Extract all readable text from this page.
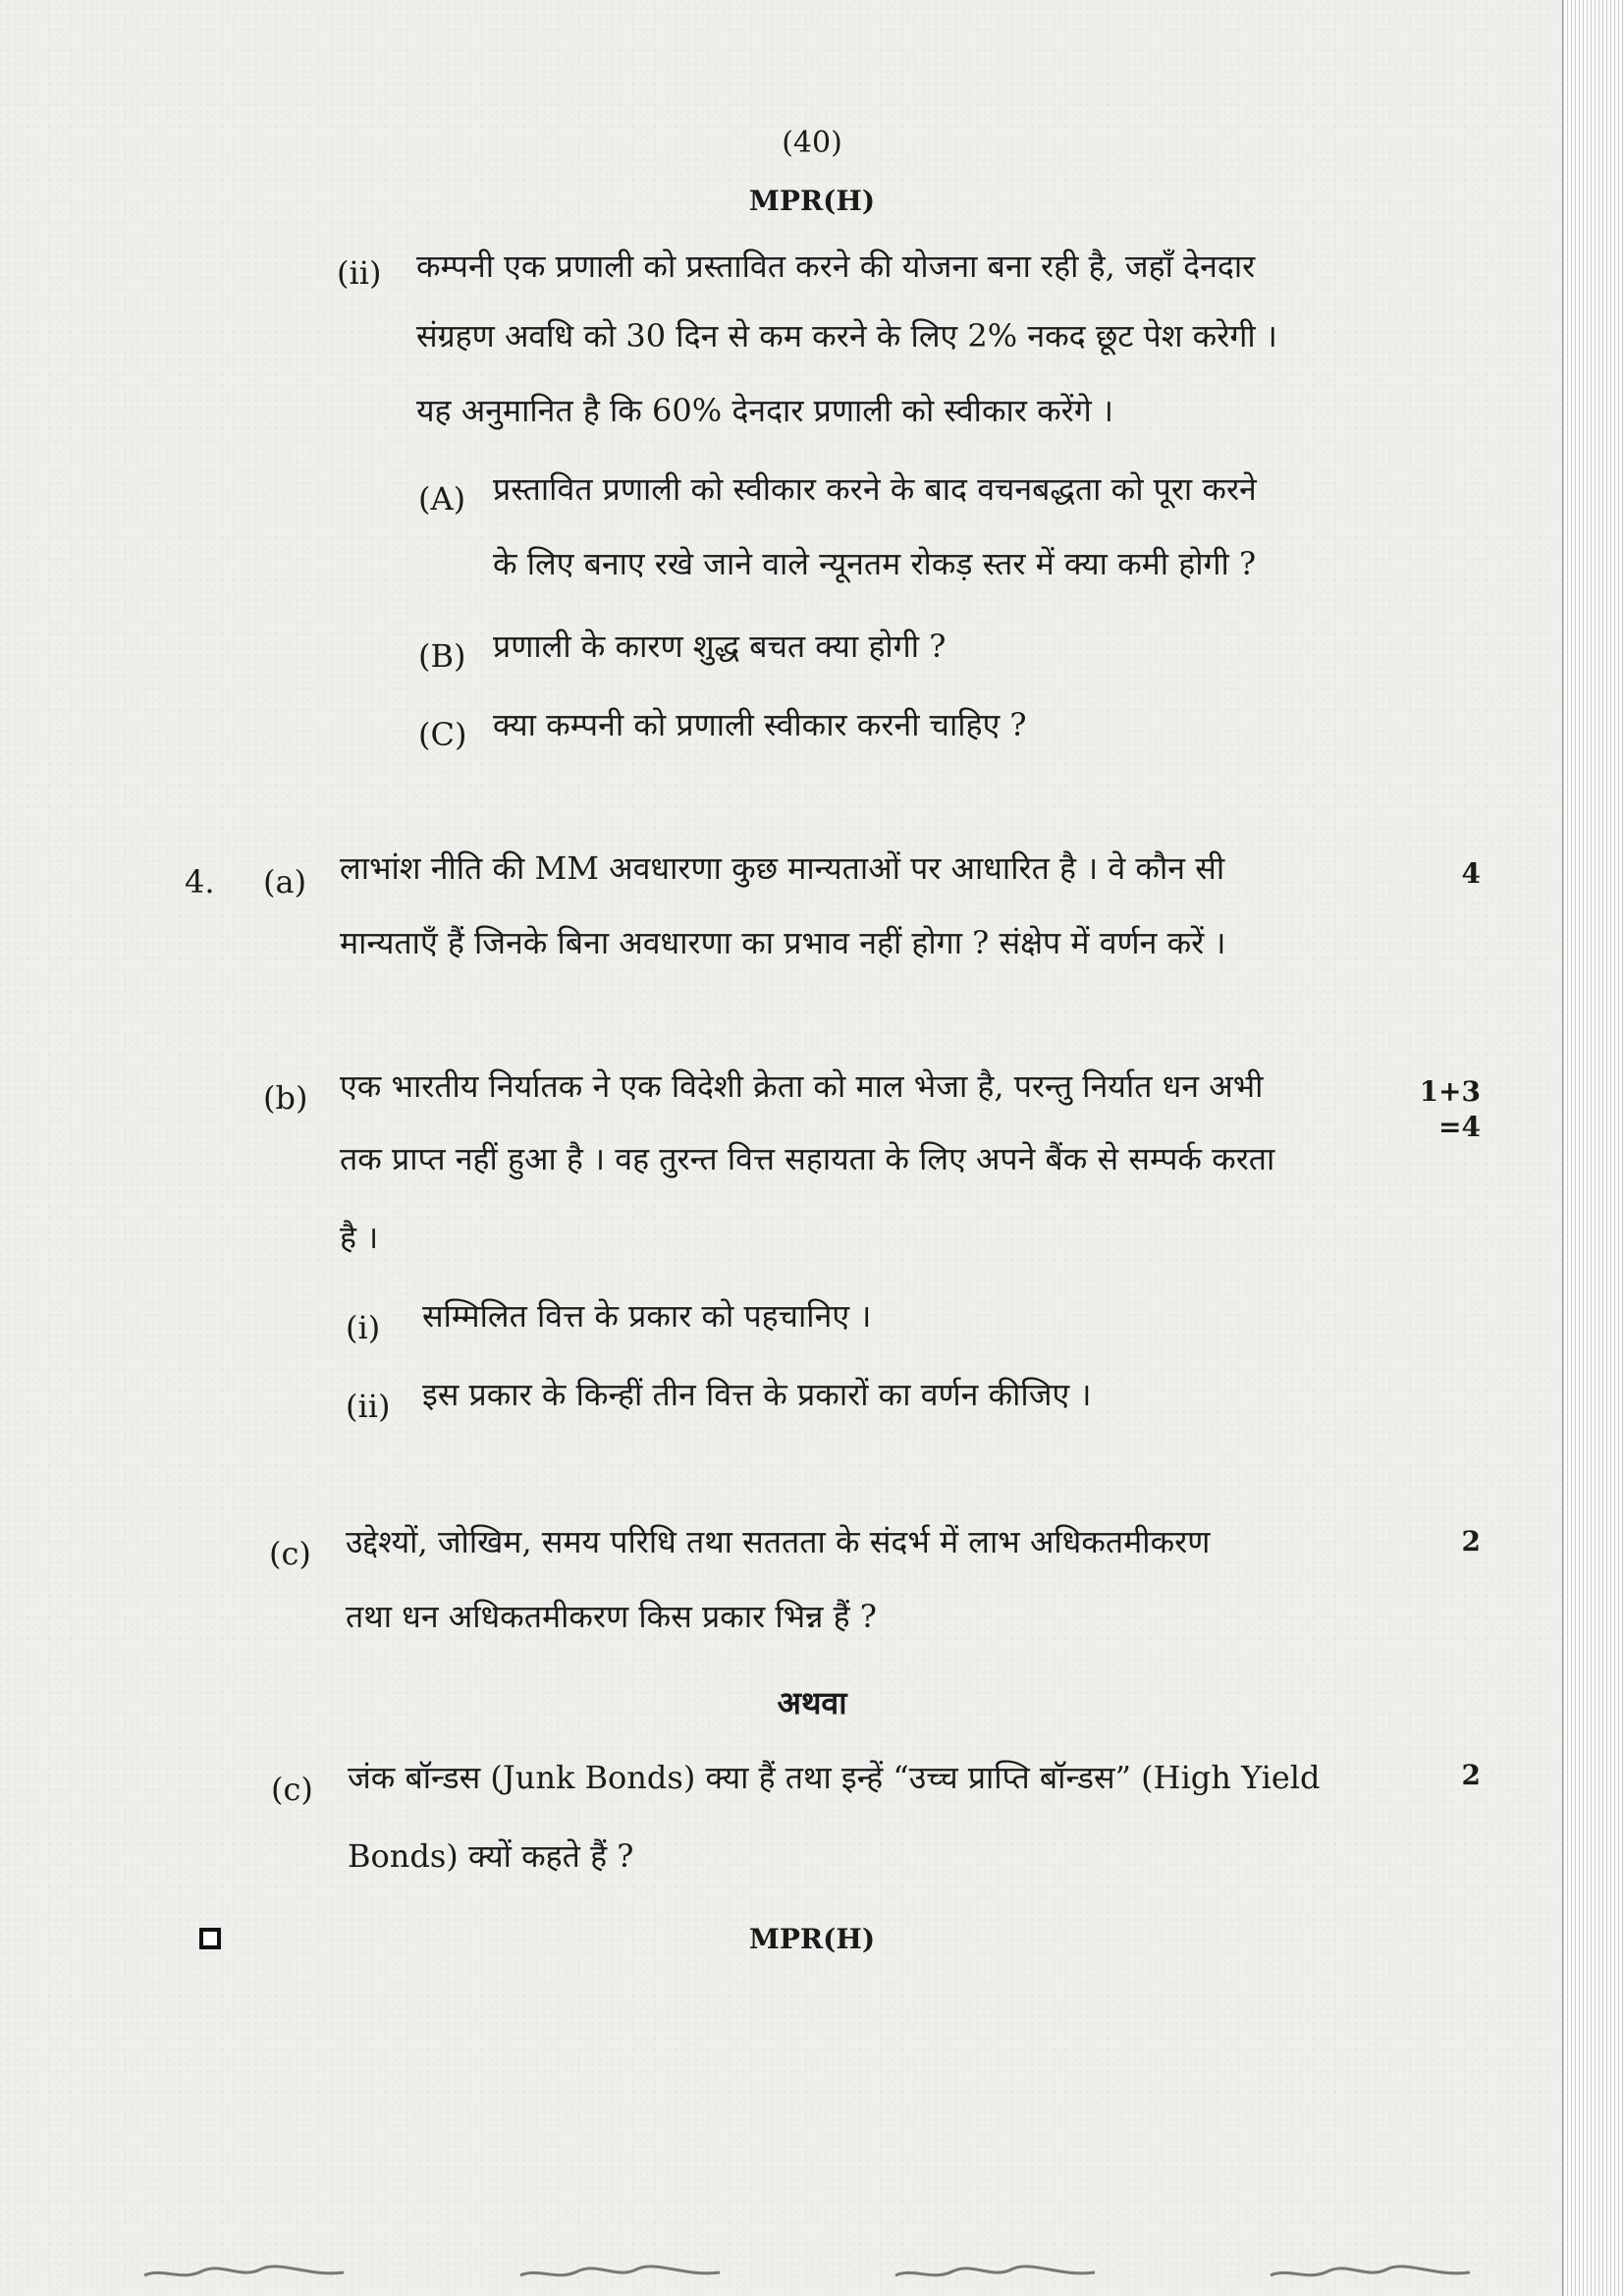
(40)
MPR(H)
(ii) कम्पनी एक प्रणाली को प्रस्तावित करने की योजना बना रही है, जहाँ देनदार
संग्रहण अवधि को 30 दिन से कम करने के लिए 2% नकद छूट पेश करेगी ।
यह अनुमानित है कि 60% देनदार प्रणाली को स्वीकार करेंगे ।
(A) प्रस्तावित प्रणाली को स्वीकार करने के बाद वचनबद्धता को पूरा करने
के लिए बनाए रखे जाने वाले न्यूनतम रोकड़ स्तर में क्या कमी होगी ?
(B) प्रणाली के कारण शुद्ध बचत क्या होगी ?
(C) क्या कम्पनी को प्रणाली स्वीकार करनी चाहिए ?
4. (a) लाभांश नीति की MM अवधारणा कुछ मान्यताओं पर आधारित है । वे कौन सी
मान्यताएँ हैं जिनके बिना अवधारणा का प्रभाव नहीं होगा ? संक्षेप में वर्णन करें ।
4
(b) एक भारतीय निर्यातक ने एक विदेशी क्रेता को माल भेजा है, परन्तु निर्यात धन अभी
तक प्राप्त नहीं हुआ है । वह तुरन्त वित्त सहायता के लिए अपने बैंक से सम्पर्क करता
है ।
1+3
=4
(i) सम्मिलित वित्त के प्रकार को पहचानिए ।
(ii) इस प्रकार के किन्हीं तीन वित्त के प्रकारों का वर्णन कीजिए ।
(c) उद्देश्यों, जोखिम, समय परिधि तथा सततता के संदर्भ में लाभ अधिकतमीकरण
तथा धन अधिकतमीकरण किस प्रकार भिन्न हैं ?
2
अथवा
(c) जंक बॉन्डस (Junk Bonds) क्या हैं तथा इन्हें “उच्च प्राप्ति बॉन्डस” (High Yield
Bonds) क्यों कहते हैं ?
2
MPR(H)
